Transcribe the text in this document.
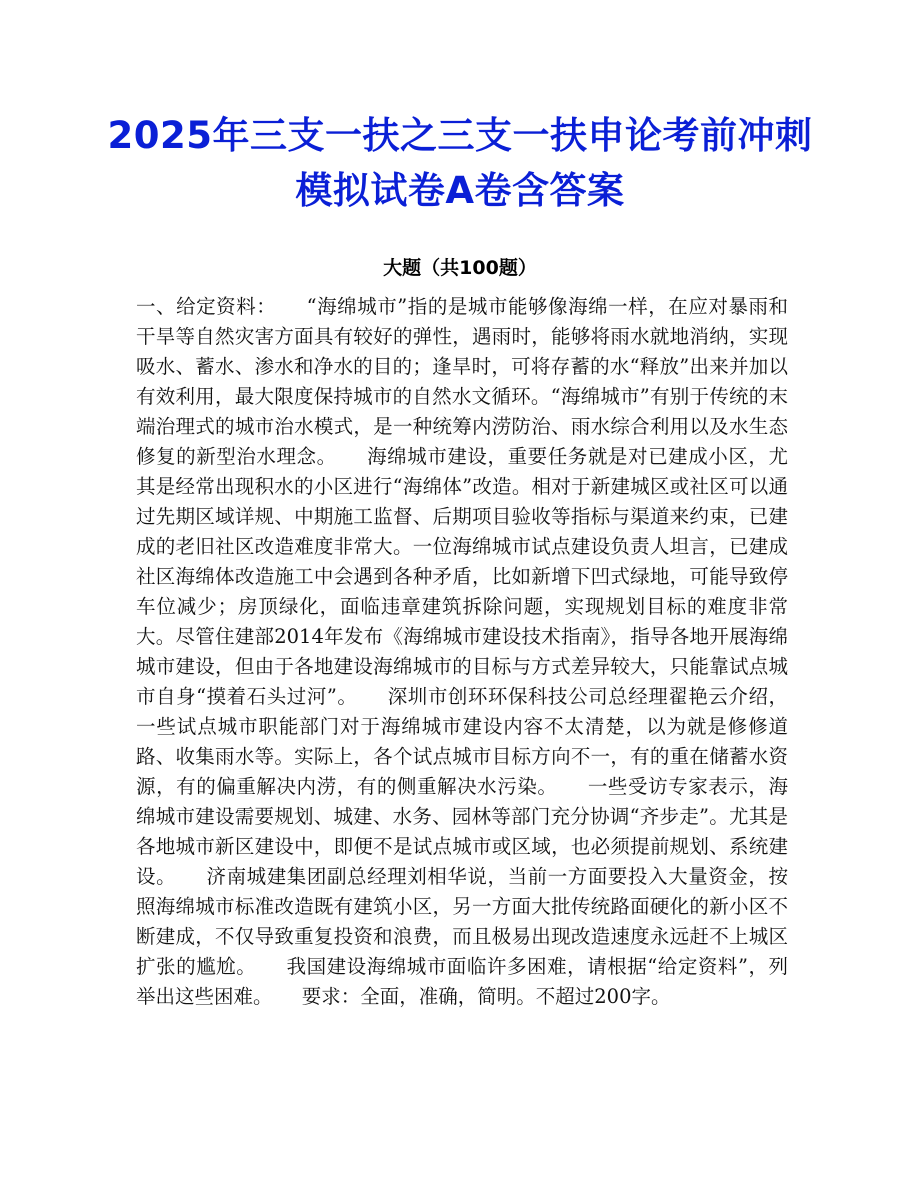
2025年三支一扶之三支一扶申论考前冲刺模拟试卷A卷含答案
大题（共100题）

一、给定资料：　　“海绵城市”指的是城市能够像海绵一样，在应对暴雨和干旱等自然灾害方面具有较好的弹性，遇雨时，能够将雨水就地消纳，实现吸水、蓄水、渗水和净水的目的；逢旱时，可将存蓄的水“释放”出来并加以有效利用，最大限度保持城市的自然水文循环。“海绵城市”有别于传统的末端治理式的城市治水模式，是一种统筹内涝防治、雨水综合利用以及水生态修复的新型治水理念。　　海绵城市建设，重要任务就是对已建成小区，尤其是经常出现积水的小区进行“海绵体”改造。相对于新建城区或社区可以通过先期区域详规、中期施工监督、后期项目验收等指标与渠道来约束，已建成的老旧社区改造难度非常大。一位海绵城市试点建设负责人坦言，已建成社区海绵体改造施工中会遇到各种矛盾，比如新增下凹式绿地，可能导致停车位减少；房顶绿化，面临违章建筑拆除问题，实现规划目标的难度非常大。尽管住建部2014年发布《海绵城市建设技术指南》，指导各地开展海绵城市建设，但由于各地建设海绵城市的目标与方式差异较大，只能靠试点城市自身“摸着石头过河”。　　深圳市创环环保科技公司总经理翟艳云介绍，一些试点城市职能部门对于海绵城市建设内容不太清楚，以为就是修修道路、收集雨水等。实际上，各个试点城市目标方向不一，有的重在储蓄水资源，有的偏重解决内涝，有的侧重解决水污染。　　一些受访专家表示，海绵城市建设需要规划、城建、水务、园林等部门充分协调“齐步走”。尤其是各地城市新区建设中，即便不是试点城市或区域，也必须提前规划、系统建设。　　济南城建集团副总经理刘相华说，当前一方面要投入大量资金，按照海绵城市标准改造既有建筑小区，另一方面大批传统路面硬化的新小区不断建成，不仅导致重复投资和浪费，而且极易出现改造速度永远赶不上城区扩张的尴尬。　　我国建设海绵城市面临许多困难，请根据“给定资料”，列举出这些困难。　　要求：全面，准确，简明。不超过200字。
